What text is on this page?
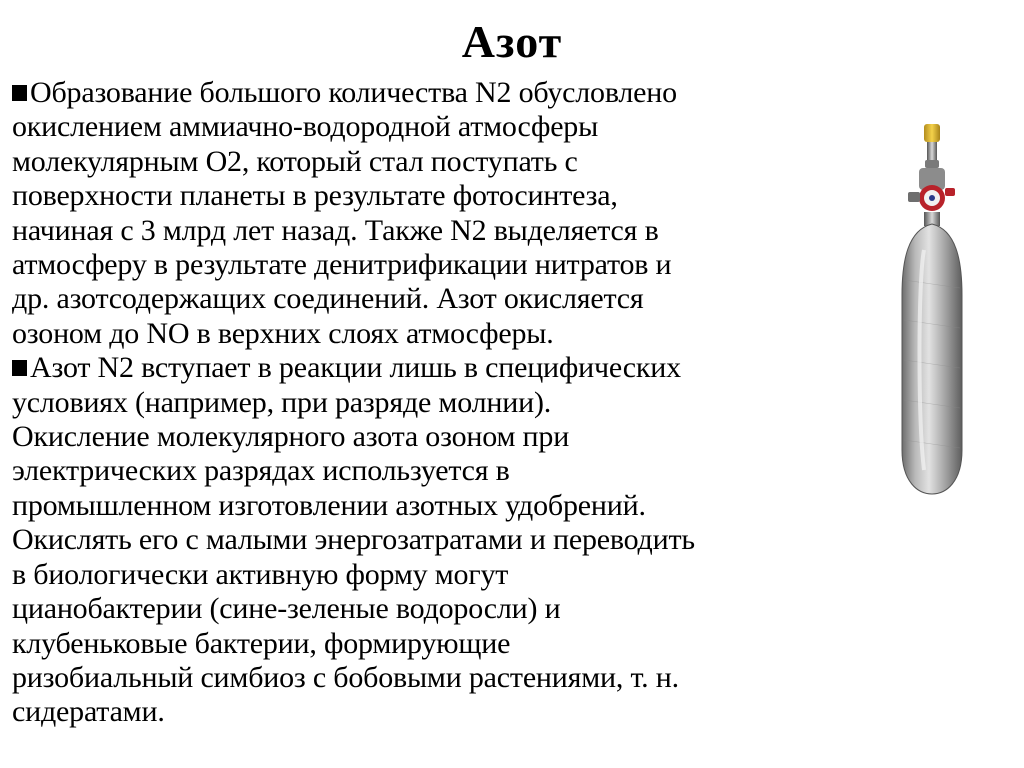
Азот
Образование большого количества N2 обусловлено
окислением аммиачно-водородной атмосферы
молекулярным O2, который стал поступать с
поверхности планеты в результате фотосинтеза,
начиная с 3 млрд лет назад. Также N2 выделяется в
атмосферу в результате денитрификации нитратов и
др. азотсодержащих соединений. Азот окисляется
озоном до NO в верхних слоях атмосферы.
Азот N2 вступает в реакции лишь в специфических
условиях (например, при разряде молнии).
Окисление молекулярного азота озоном при
электрических разрядах используется в
промышленном изготовлении азотных удобрений.
Окислять его с малыми энергозатратами и переводить
в биологически активную форму могут
цианобактерии (сине-зеленые водоросли) и
клубеньковые бактерии, формирующие
ризобиальный симбиоз с бобовыми растениями, т. н.
сидератами.
